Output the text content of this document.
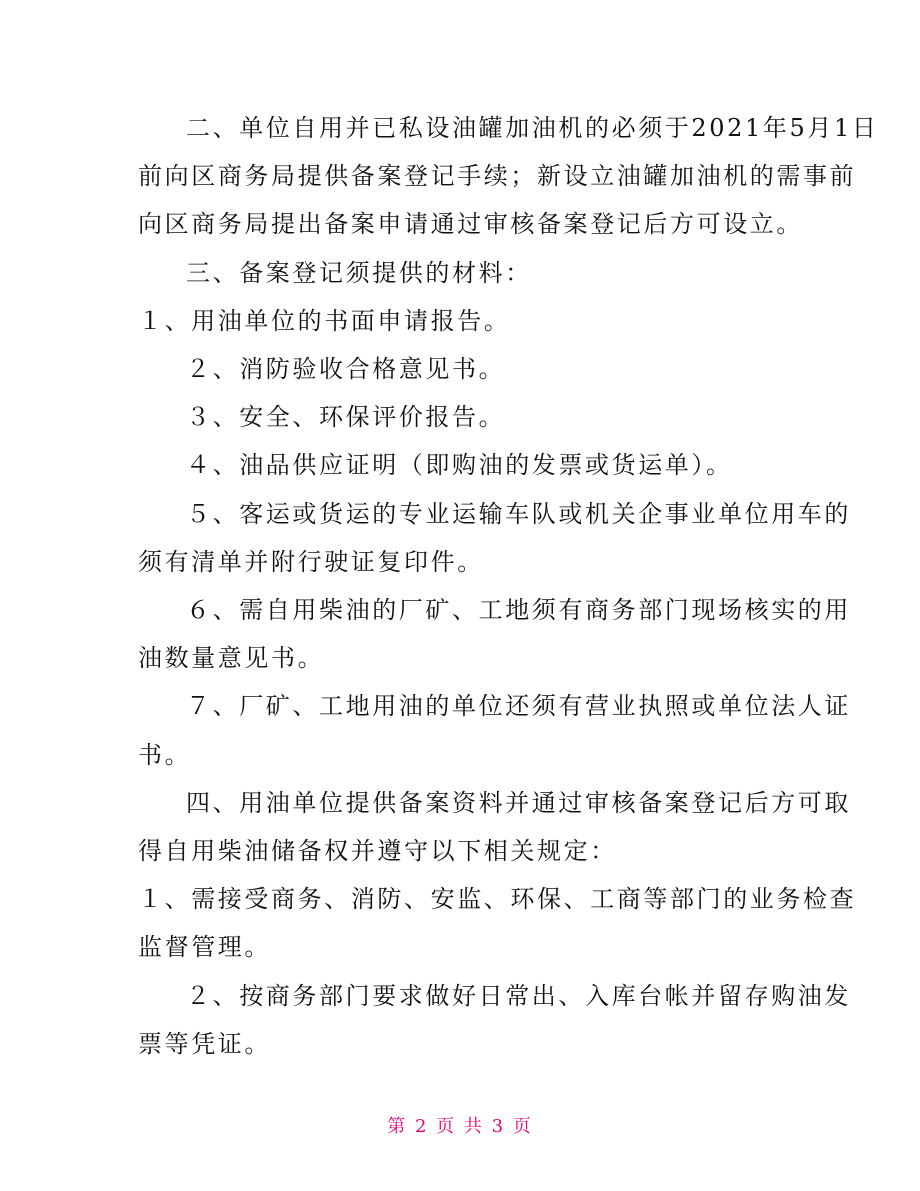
二、单位自用并已私设油罐加油机的必须于2021年5月1日

前向区商务局提供备案登记手续；新设立油罐加油机的需事前

向区商务局提出备案申请通过审核备案登记后方可设立。

三、备案登记须提供的材料：

１、用油单位的书面申请报告。

２、消防验收合格意见书。

３、安全、环保评价报告。

４、油品供应证明（即购油的发票或货运单）。

５、客运或货运的专业运输车队或机关企事业单位用车的

须有清单并附行驶证复印件。

６、需自用柴油的厂矿、工地须有商务部门现场核实的用

油数量意见书。

７、厂矿、工地用油的单位还须有营业执照或单位法人证

书。

四、用油单位提供备案资料并通过审核备案登记后方可取

得自用柴油储备权并遵守以下相关规定：

１、需接受商务、消防、安监、环保、工商等部门的业务检查

监督管理。

２、按商务部门要求做好日常出、入库台帐并留存购油发

票等凭证。

第 2 页 共 3 页
